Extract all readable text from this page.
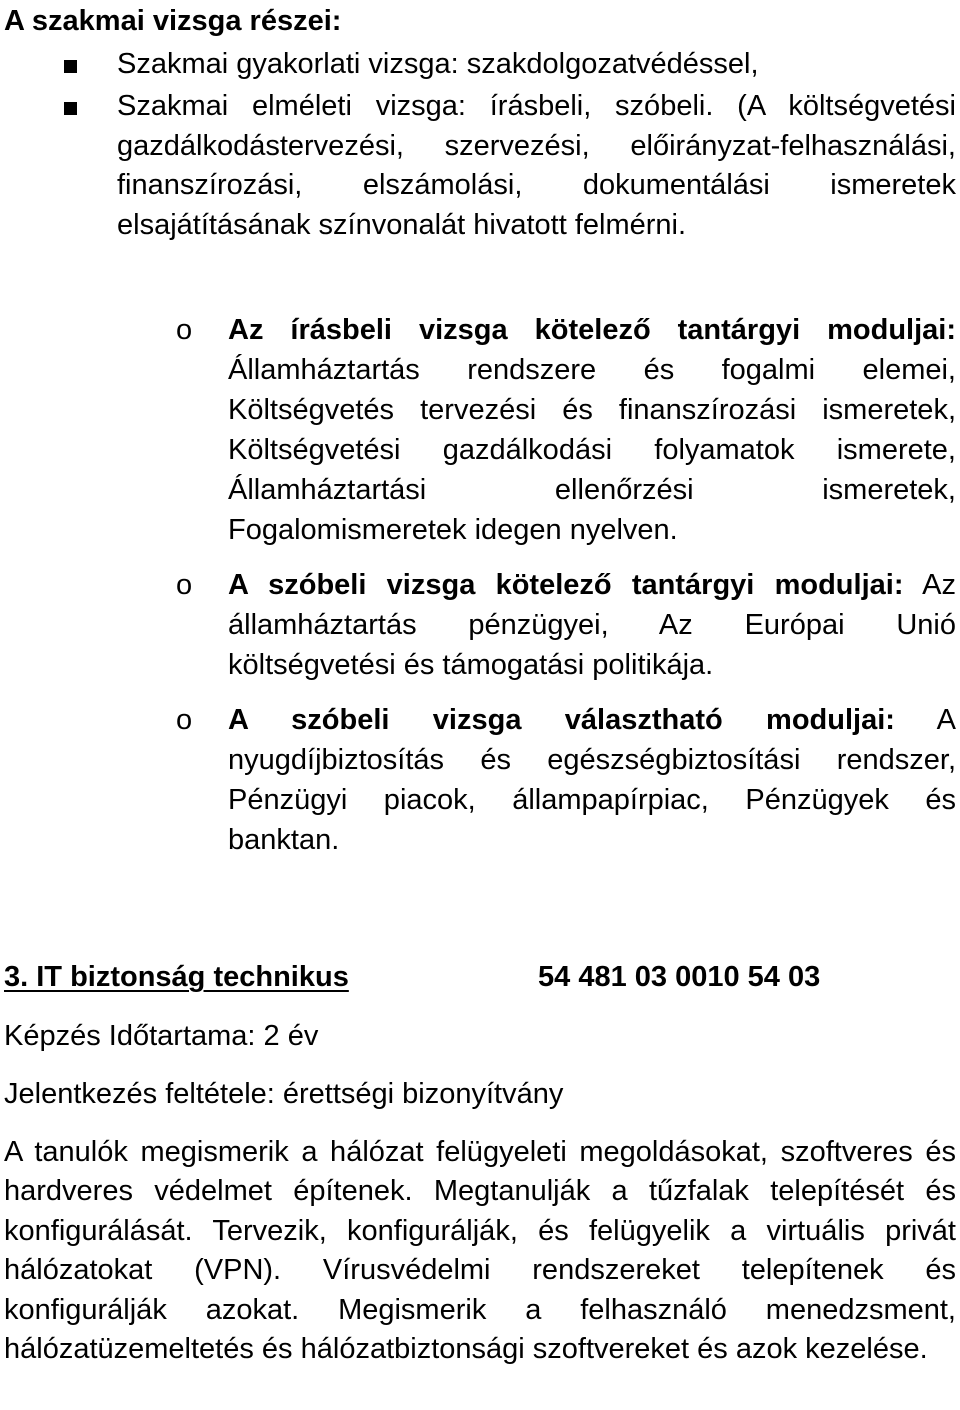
A szakmai vizsga részei:
Szakmai gyakorlati vizsga: szakdolgozatvédéssel,
Szakmai elméleti vizsga: írásbeli, szóbeli. (A költségvetési gazdálkodástervezési, szervezési, előirányzat-felhasználási, finanszírozási, elszámolási, dokumentálási ismeretek elsajátításának színvonalát hivatott felmérni.
o Az írásbeli vizsga kötelező tantárgyi moduljai: Államháztartás rendszere és fogalmi elemei, Költségvetés tervezési és finanszírozási ismeretek, Költségvetési gazdálkodási folyamatok ismerete, Államháztartási ellenőrzési ismeretek, Fogalomismeretek idegen nyelven.
o A szóbeli vizsga kötelező tantárgyi moduljai: Az államháztartás pénzügyei, Az Európai Unió költségvetési és támogatási politikája.
o A szóbeli vizsga választható moduljai: A nyugdíjbiztosítás és egészségbiztosítási rendszer, Pénzügyi piacok, állampapírpiac, Pénzügyek és banktan.
3. IT biztonság technikus	54 481 03 0010 54 03
Képzés Időtartama: 2 év
Jelentkezés feltétele: érettségi bizonyítvány

A tanulók megismerik a hálózat felügyeleti megoldásokat, szoftveres és hardveres védelmet építenek. Megtanulják a tűzfalak telepítését és konfigurálását. Tervezik, konfigurálják, és felügyelik a virtuális privát hálózatokat (VPN). Vírusvédelmi rendszereket telepítenek és konfigurálják azokat. Megismerik a felhasználó menedzsment, hálózatüzemeltetés és hálózatbiztonsági szoftvereket és azok kezelése.
